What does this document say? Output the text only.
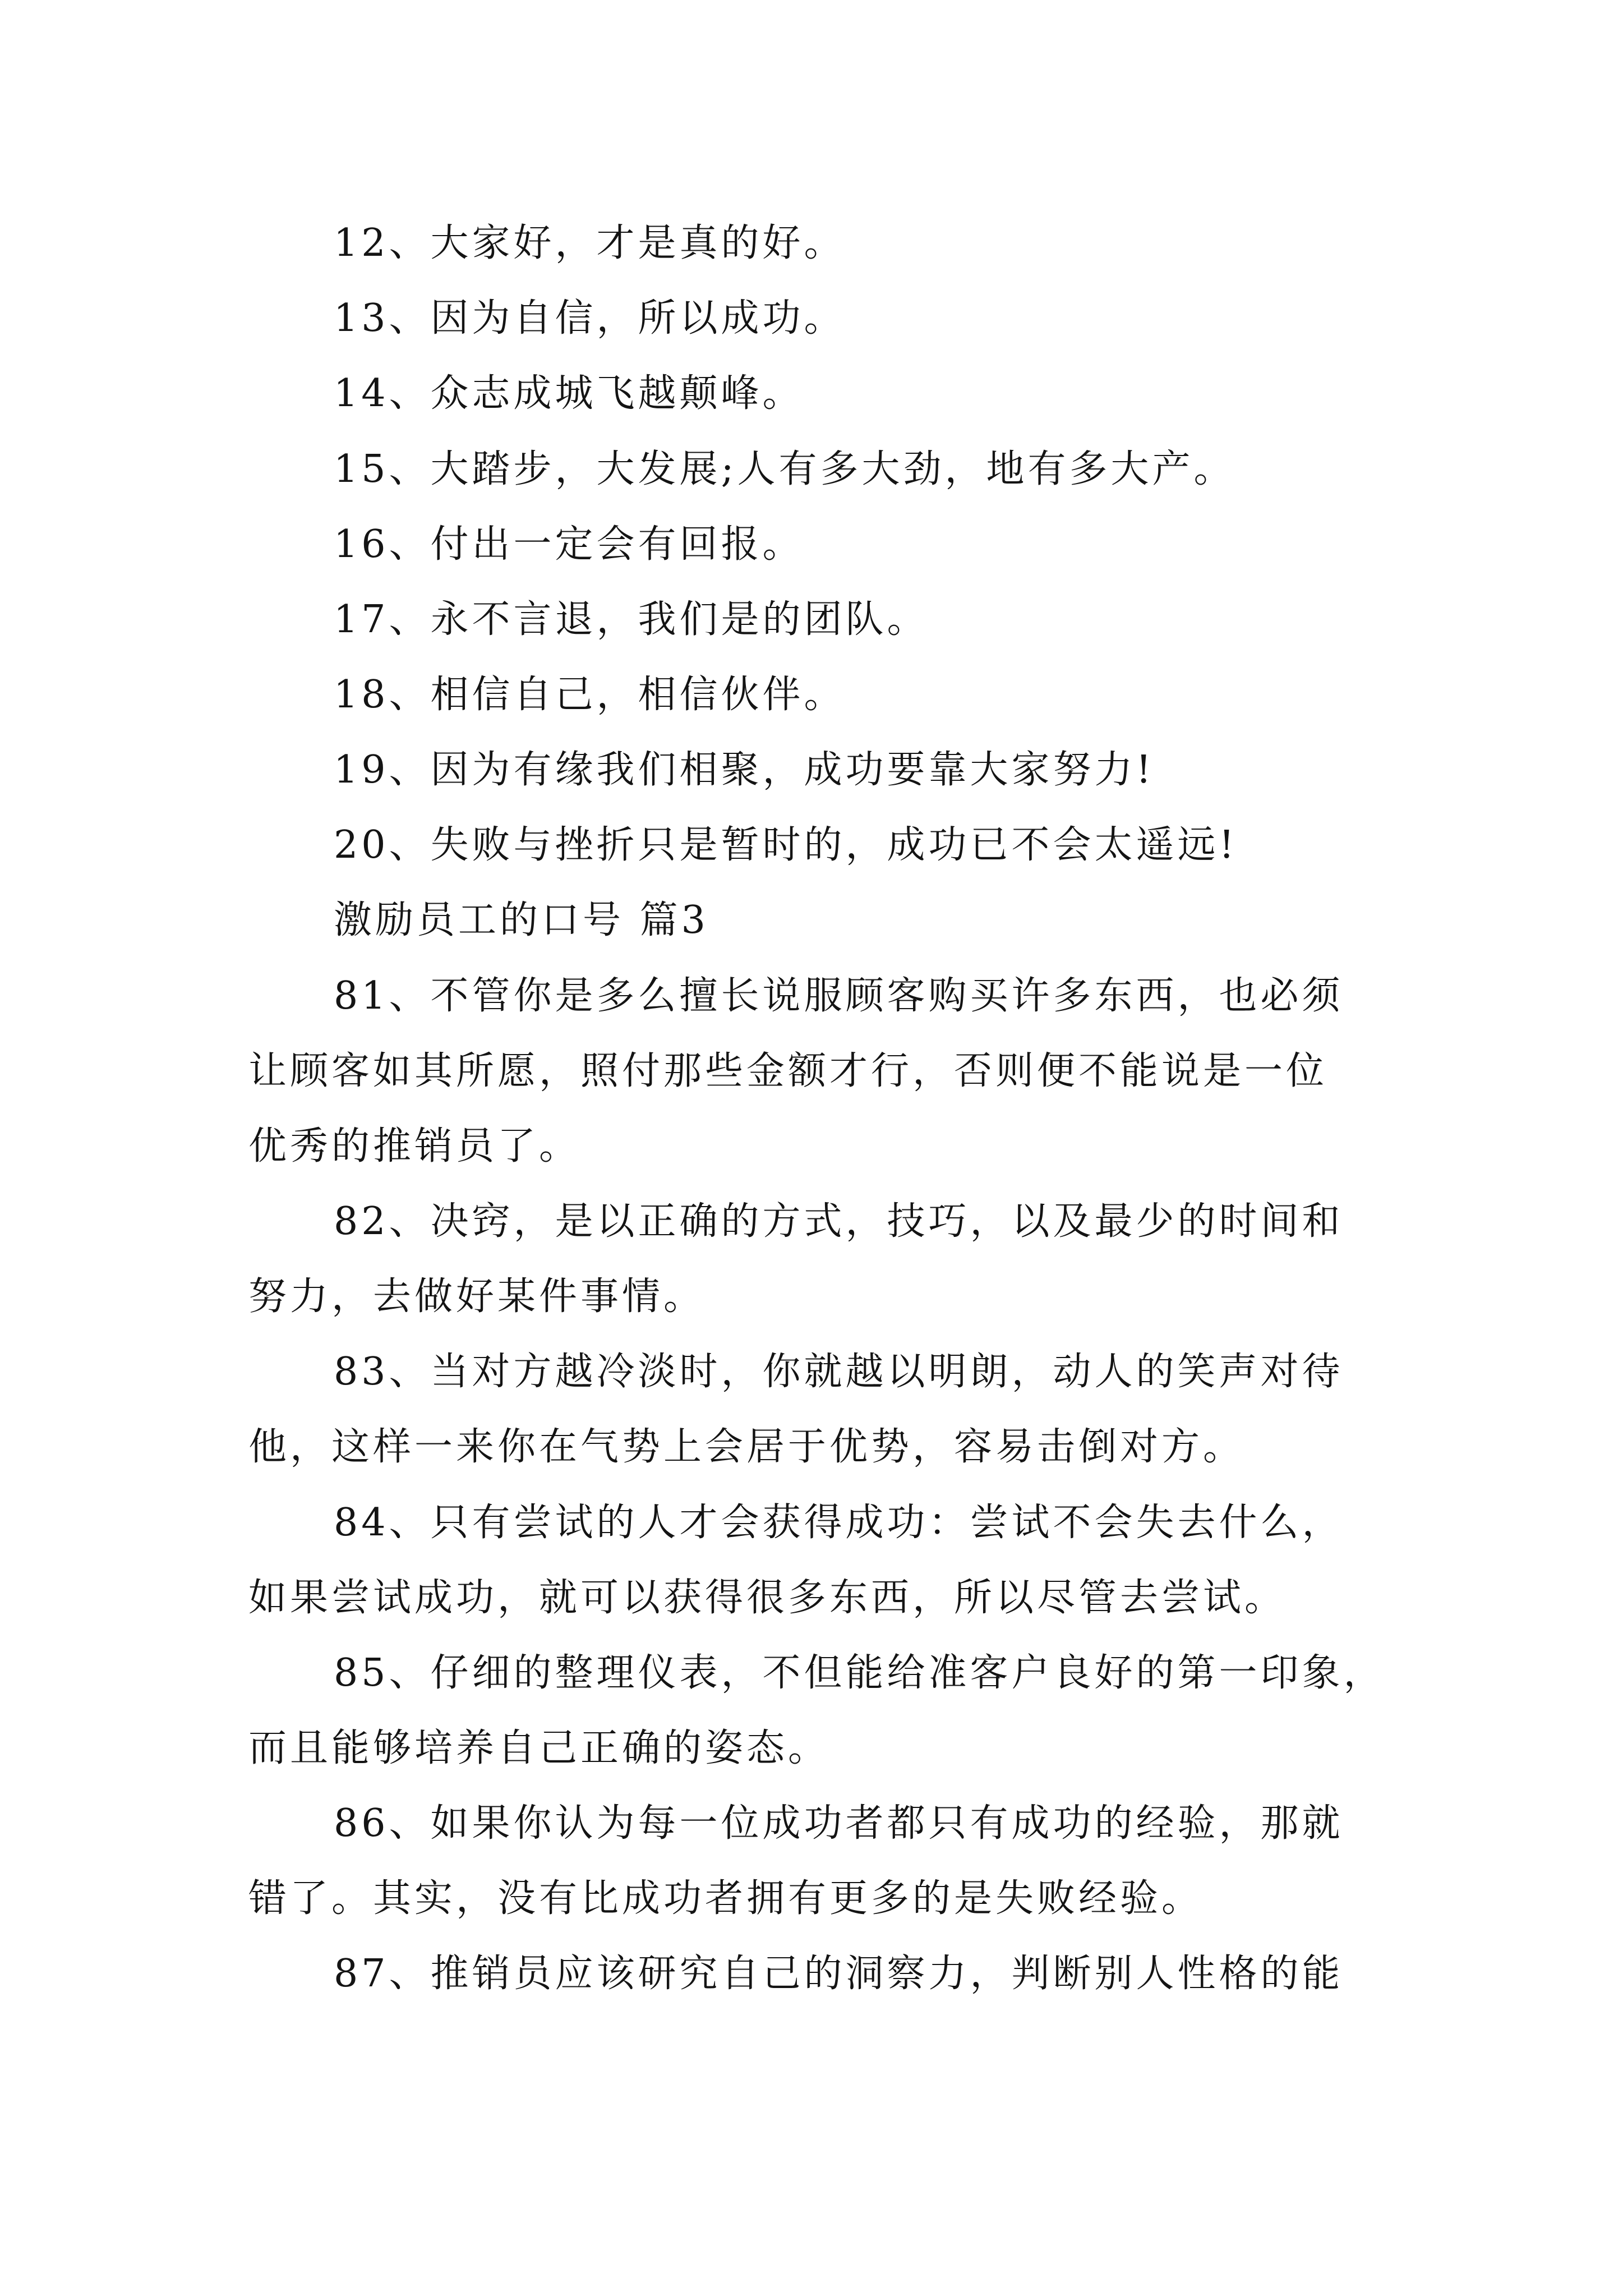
12、大家好，才是真的好。
13、因为自信，所以成功。
14、众志成城飞越颠峰。
15、大踏步，大发展;人有多大劲，地有多大产。
16、付出一定会有回报。
17、永不言退，我们是的团队。
18、相信自己，相信伙伴。
19、因为有缘我们相聚，成功要靠大家努力!
20、失败与挫折只是暂时的，成功已不会太遥远!
激励员工的口号 篇3
81、不管你是多么擅长说服顾客购买许多东西，也必须
让顾客如其所愿，照付那些金额才行，否则便不能说是一位
优秀的推销员了。
82、决窍，是以正确的方式，技巧，以及最少的时间和
努力，去做好某件事情。
83、当对方越冷淡时，你就越以明朗，动人的笑声对待
他，这样一来你在气势上会居于优势，容易击倒对方。
84、只有尝试的人才会获得成功：尝试不会失去什么，
如果尝试成功，就可以获得很多东西，所以尽管去尝试。
85、仔细的整理仪表，不但能给准客户良好的第一印象，
而且能够培养自己正确的姿态。
86、如果你认为每一位成功者都只有成功的经验，那就
错了。其实，没有比成功者拥有更多的是失败经验。
87、推销员应该研究自己的洞察力，判断别人性格的能
